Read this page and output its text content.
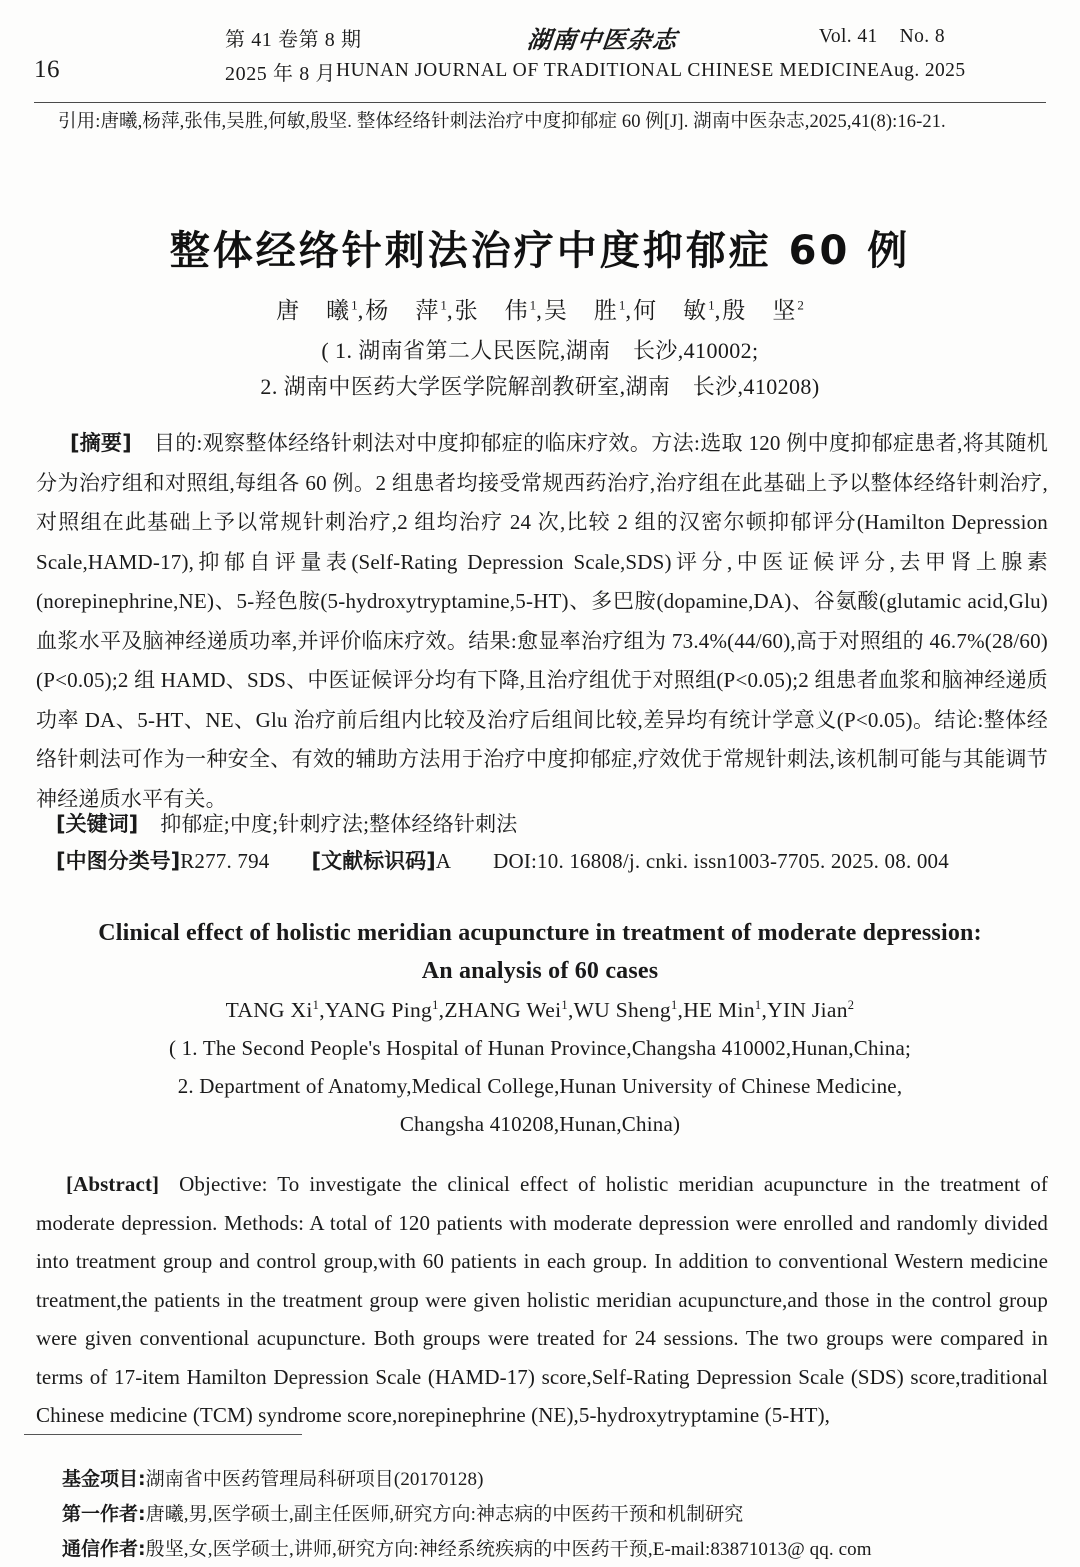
16
第 41 卷第 8 期	湖南中医杂志	Vol. 41 No. 8
2025 年 8 月 HUNAN JOURNAL OF TRADITIONAL CHINESE MEDICINE Aug. 2025
引用:唐曦,杨萍,张伟,吴胜,何敏,殷坚. 整体经络针刺法治疗中度抑郁症 60 例[J]. 湖南中医杂志,2025,41(8):16-21.
整体经络针刺法治疗中度抑郁症 60 例
唐　曦$^1$,杨　萍$^1$,张　伟$^1$,吴　胜$^1$,何　敏$^1$,殷　坚$^2$
( 1. 湖南省第二人民医院,湖南　长沙,410002;
2. 湖南中医药大学医学院解剖教研室,湖南　长沙,410208)
[摘要] 目的:观察整体经络针刺法对中度抑郁症的临床疗效。方法:选取 120 例中度抑郁症患者,将其随机分为治疗组和对照组,每组各 60 例。2 组患者均接受常规西药治疗,治疗组在此基础上予以整体经络针刺治疗,对照组在此基础上予以常规针刺治疗,2 组均治疗 24 次,比较 2 组的汉密尔顿抑郁评分(Hamilton Depression Scale,HAMD-17),抑郁自评量表(Self-Rating Depression Scale,SDS)评分,中医证候评分,去甲肾上腺素(norepinephrine,NE)、5-羟色胺(5-hydroxytryptamine,5-HT)、多巴胺(dopamine,DA)、谷氨酸(glutamic acid,Glu)血浆水平及脑神经递质功率,并评价临床疗效。结果:愈显率治疗组为 73.4%(44/60),高于对照组的 46.7%(28/60)(P<0.05);2 组 HAMD、SDS、中医证候评分均有下降,且治疗组优于对照组(P<0.05);2 组患者血浆和脑神经递质功率 DA、5-HT、NE、Glu 治疗前后组内比较及治疗后组间比较,差异均有统计学意义(P<0.05)。结论:整体经络针刺法可作为一种安全、有效的辅助方法用于治疗中度抑郁症,疗效优于常规针刺法,该机制可能与其能调节神经递质水平有关。
[关键词] 抑郁症;中度;针刺疗法;整体经络针刺法
[中图分类号]R277. 794 [文献标识码]A DOI:10. 16808/j. cnki. issn1003-7705. 2025. 08. 004
Clinical effect of holistic meridian acupuncture in treatment of moderate depression:
An analysis of 60 cases
TANG Xi$^1$,YANG Ping$^1$,ZHANG Wei$^1$,WU Sheng$^1$,HE Min$^1$,YIN Jian$^2$
( 1. The Second People's Hospital of Hunan Province,Changsha 410002,Hunan,China;
2. Department of Anatomy,Medical College,Hunan University of Chinese Medicine,
Changsha 410208,Hunan,China)
[Abstract] Objective: To investigate the clinical effect of holistic meridian acupuncture in the treatment of moderate depression. Methods: A total of 120 patients with moderate depression were enrolled and randomly divided into treatment group and control group,with 60 patients in each group. In addition to conventional Western medicine treatment,the patients in the treatment group were given holistic meridian acupuncture,and those in the control group were given conventional acupuncture. Both groups were treated for 24 sessions. The two groups were compared in terms of 17-item Hamilton Depression Scale (HAMD-17) score,Self-Rating Depression Scale (SDS) score,traditional Chinese medicine (TCM) syndrome score,norepinephrine (NE),5-hydroxytryptamine (5-HT),
基金项目:湖南省中医药管理局科研项目(20170128)
第一作者:唐曦,男,医学硕士,副主任医师,研究方向:神志病的中医药干预和机制研究
通信作者:殷坚,女,医学硕士,讲师,研究方向:神经系统疾病的中医药干预,E-mail:83871013@ qq. com
